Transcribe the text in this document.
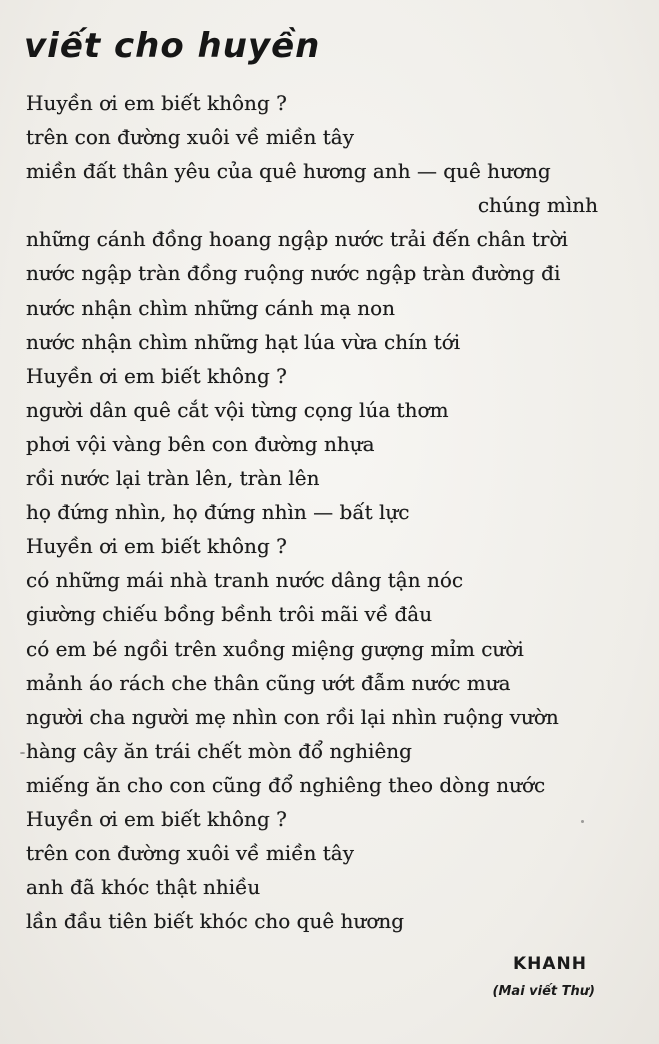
viết cho huyền
Huyền ơi em biết không ?
trên con đường xuôi về miền tây
miền đất thân yêu của quê hương anh — quê hương
chúng mình
những cánh đồng hoang ngập nước trải đến chân trời
nước ngập tràn đồng ruộng nước ngập tràn đường đi
nước nhận chìm những cánh mạ non
nước nhận chìm những hạt lúa vừa chín tới
Huyền ơi em biết không ?
người dân quê cắt vội từng cọng lúa thơm
phơi vội vàng bên con đường nhựa
rồi nước lại tràn lên, tràn lên
họ đứng nhìn, họ đứng nhìn — bất lực
Huyền ơi em biết không ?
có những mái nhà tranh nước dâng tận nóc
giường chiếu bồng bềnh trôi mãi về đâu
có em bé ngồi trên xuồng miệng gượng mỉm cười
mảnh áo rách che thân cũng ướt đẫm nước mưa
người cha người mẹ nhìn con rồi lại nhìn ruộng vườn
hàng cây ăn trái chết mòn đổ nghiêng
miếng ăn cho con cũng đổ nghiêng theo dòng nước
Huyền ơi em biết không ?
trên con đường xuôi về miền tây
anh đã khóc thật nhiều
lần đầu tiên biết khóc cho quê hương

KHANH

(Mai viết Thư)
